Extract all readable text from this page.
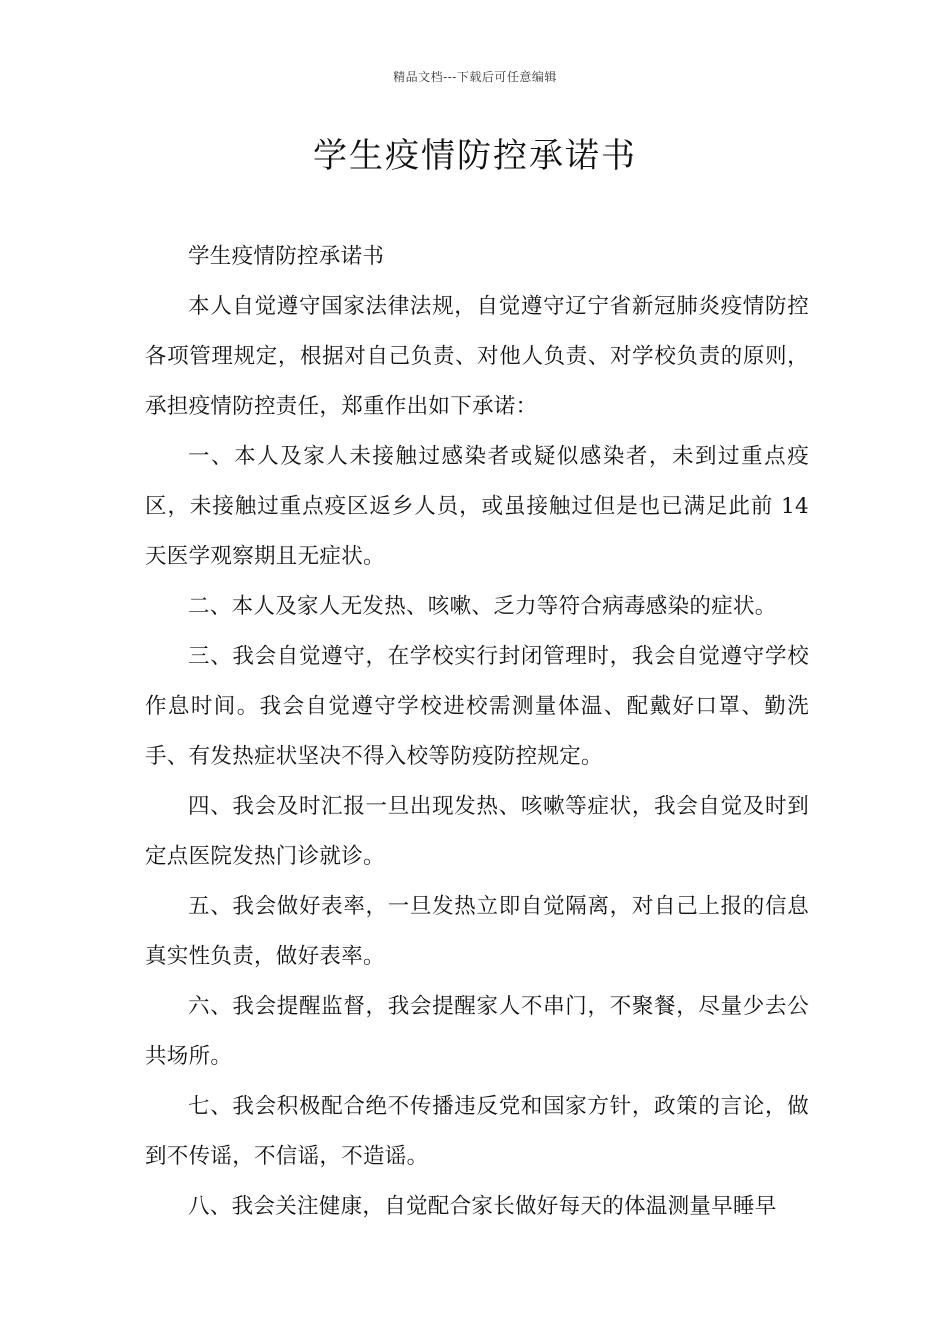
精品文档---下载后可任意编辑
学生疫情防控承诺书

学生疫情防控承诺书

本人自觉遵守国家法律法规，自觉遵守辽宁省新冠肺炎疫情防控各项管理规定，根据对自己负责、对他人负责、对学校负责的原则，承担疫情防控责任，郑重作出如下承诺：

一、本人及家人未接触过感染者或疑似感染者，未到过重点疫区，未接触过重点疫区返乡人员，或虽接触过但是也已满足此前 14 天医学观察期且无症状。

二、本人及家人无发热、咳嗽、乏力等符合病毒感染的症状。

三、我会自觉遵守，在学校实行封闭管理时，我会自觉遵守学校作息时间。我会自觉遵守学校进校需测量体温、配戴好口罩、勤洗手、有发热症状坚决不得入校等防疫防控规定。

四、我会及时汇报一旦出现发热、咳嗽等症状，我会自觉及时到定点医院发热门诊就诊。

五、我会做好表率，一旦发热立即自觉隔离，对自己上报的信息真实性负责，做好表率。

六、我会提醒监督，我会提醒家人不串门，不聚餐，尽量少去公共场所。

七、我会积极配合绝不传播违反党和国家方针，政策的言论，做到不传谣，不信谣，不造谣。

八、我会关注健康，自觉配合家长做好每天的体温测量早睡早
